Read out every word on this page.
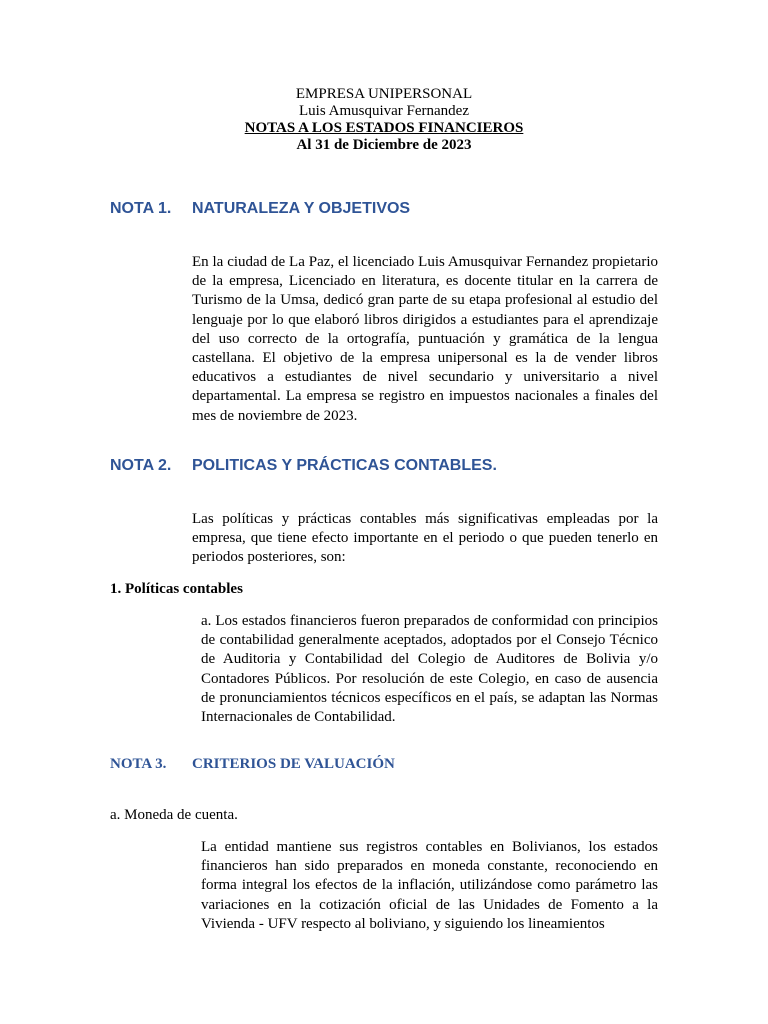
EMPRESA UNIPERSONAL
Luis Amusquivar Fernandez
NOTAS A LOS ESTADOS FINANCIEROS
Al 31 de Diciembre de 2023
NOTA 1. NATURALEZA Y OBJETIVOS

En la ciudad de La Paz, el licenciado Luis Amusquivar Fernandez propietario de la empresa, Licenciado en literatura, es docente titular en la carrera de Turismo de la Umsa, dedicó gran parte de su etapa profesional al estudio del lenguaje por lo que elaboró libros dirigidos a estudiantes para el aprendizaje del uso correcto de la ortografía, puntuación y gramática de la lengua castellana. El objetivo de la empresa unipersonal es la de vender libros educativos a estudiantes de nivel secundario y universitario a nivel departamental. La empresa se registro en impuestos nacionales a finales del mes de noviembre de 2023.

NOTA 2. POLITICAS Y PRÁCTICAS CONTABLES.

Las políticas y prácticas contables más significativas empleadas por la empresa, que tiene efecto importante en el periodo o que pueden tenerlo en periodos posteriores, son:

1. Políticas contables

a. Los estados financieros fueron preparados de conformidad con principios de contabilidad generalmente aceptados, adoptados por el Consejo Técnico de Auditoria y Contabilidad del Colegio de Auditores de Bolivia y/o Contadores Públicos. Por resolución de este Colegio, en caso de ausencia de pronunciamientos técnicos específicos en el país, se adaptan las Normas Internacionales de Contabilidad.

NOTA 3. CRITERIOS DE VALUACIÓN

a. Moneda de cuenta.

La entidad mantiene sus registros contables en Bolivianos, los estados financieros han sido preparados en moneda constante, reconociendo en forma integral los efectos de la inflación, utilizándose como parámetro las variaciones en la cotización oficial de las Unidades de Fomento a la Vivienda - UFV respecto al boliviano, y siguiendo los lineamientos
